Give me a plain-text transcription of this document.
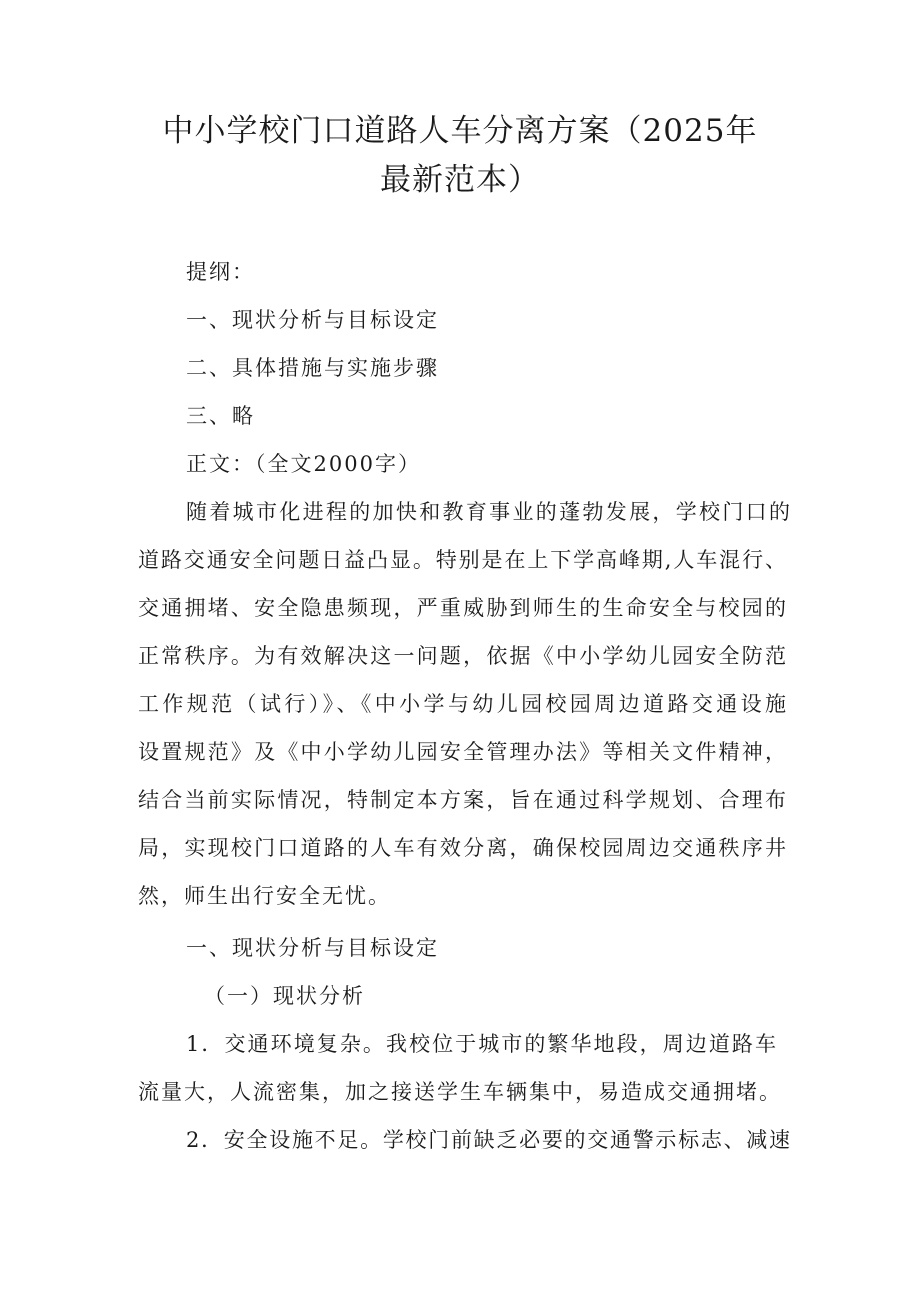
中小学校门口道路人车分离方案（2025年
最新范本）

提纲：

一、现状分析与目标设定

二、具体措施与实施步骤

三、略

正文：（全文2000字）

随着城市化进程的加快和教育事业的蓬勃发展，学校门口的

道路交通安全问题日益凸显。特别是在上下学高峰期,人车混行、

交通拥堵、安全隐患频现，严重威胁到师生的生命安全与校园的

正常秩序。为有效解决这一问题，依据《中小学幼儿园安全防范

工作规范（试行）》、《中小学与幼儿园校园周边道路交通设施

设置规范》及《中小学幼儿园安全管理办法》等相关文件精神，

结合当前实际情况，特制定本方案，旨在通过科学规划、合理布

局，实现校门口道路的人车有效分离，确保校园周边交通秩序井

然，师生出行安全无忧。

一、现状分析与目标设定

（一）现状分析

1．交通环境复杂。我校位于城市的繁华地段，周边道路车

流量大，人流密集，加之接送学生车辆集中，易造成交通拥堵。

2．安全设施不足。学校门前缺乏必要的交通警示标志、减速
